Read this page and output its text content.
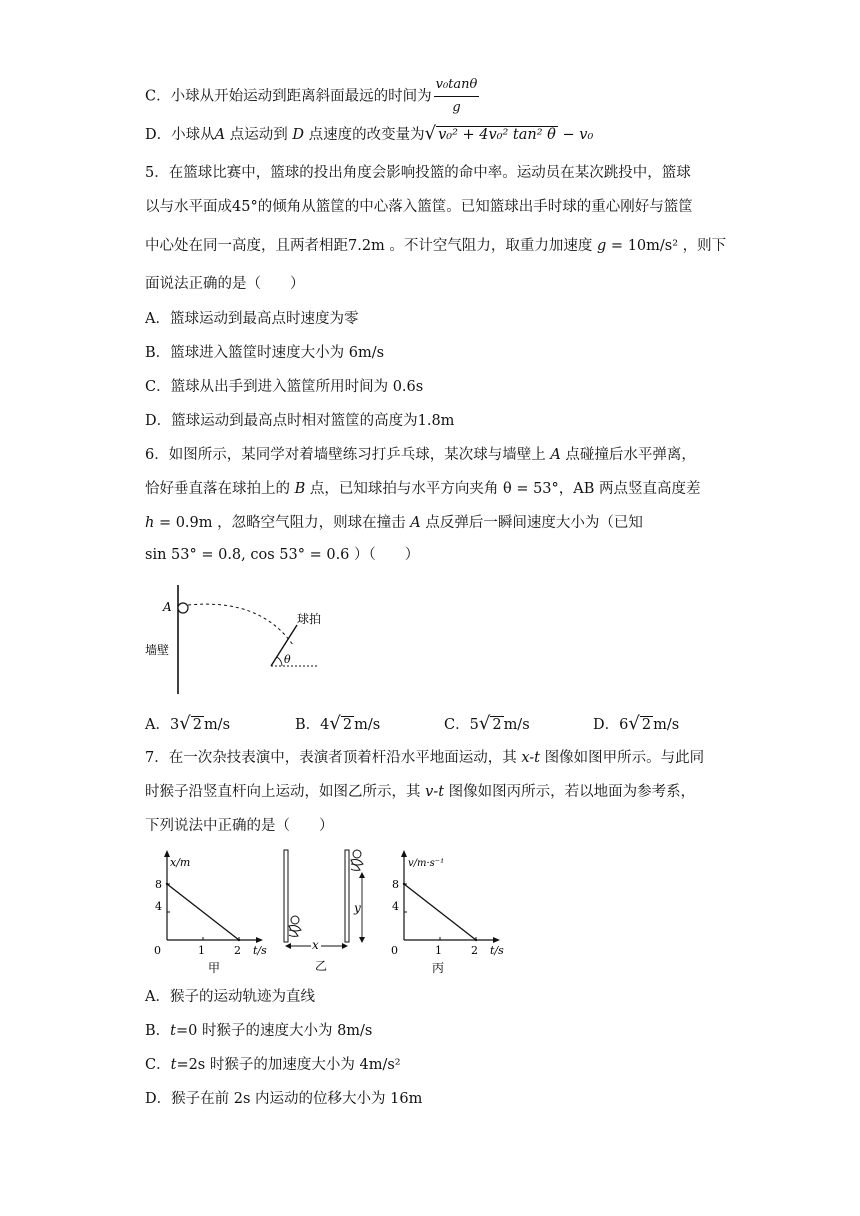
C．小球从开始运动到距离斜面最远的时间为 $\frac{\text{v₀tanθ}}{g}$
D．小球从A 点运动到 D 点速度的改变量为√ v₀² + 4v₀² tan² θ − v₀
5．在篮球比赛中，篮球的投出角度会影响投篮的命中率。运动员在某次跳投中，篮球
以与水平面成45°的倾角从篮筐的中心落入篮筐。已知篮球出手时球的重心刚好与篮筐
中心处在同一高度，且两者相距7.2m 。不计空气阻力，取重力加速度 g = 10m/s² ，则下
面说法正确的是（　　）
A．篮球运动到最高点时速度为零
B．篮球进入篮筐时速度大小为 6m/s
C．篮球从出手到进入篮筐所用时间为 0.6s
D．篮球运动到最高点时相对篮筐的高度为1.8m
6．如图所示，某同学对着墙壁练习打乒乓球，某次球与墙壁上 A 点碰撞后水平弹离，
恰好垂直落在球拍上的 B 点，已知球拍与水平方向夹角 θ = 53°，AB 两点竖直高度差
h = 0.9m ，忽略空气阻力，则球在撞击 A 点反弹后一瞬间速度大小为（已知
sin 53° = 0.8, cos 53° = 0.6 ）（　　）
A
墙壁
球拍
θ
A．3√ 2 m/s	B．4√ 2 m/s	C．5√ 2 m/s	D．6√ 2 m/s
7．在一次杂技表演中，表演者顶着杆沿水平地面运动，其 x-t 图像如图甲所示。与此同
时猴子沿竖直杆向上运动，如图乙所示，其 v-t 图像如图丙所示，若以地面为参考系，
下列说法中正确的是（　　）
x/m
8
4
0	1	2 t/s
甲
y
x
乙
v/m·s⁻¹
8
4
0	1	2 t/s
丙
A．猴子的运动轨迹为直线
B．t=0 时猴子的速度大小为 8m/s
C．t=2s 时猴子的加速度大小为 4m/s²
D．猴子在前 2s 内运动的位移大小为 16m
